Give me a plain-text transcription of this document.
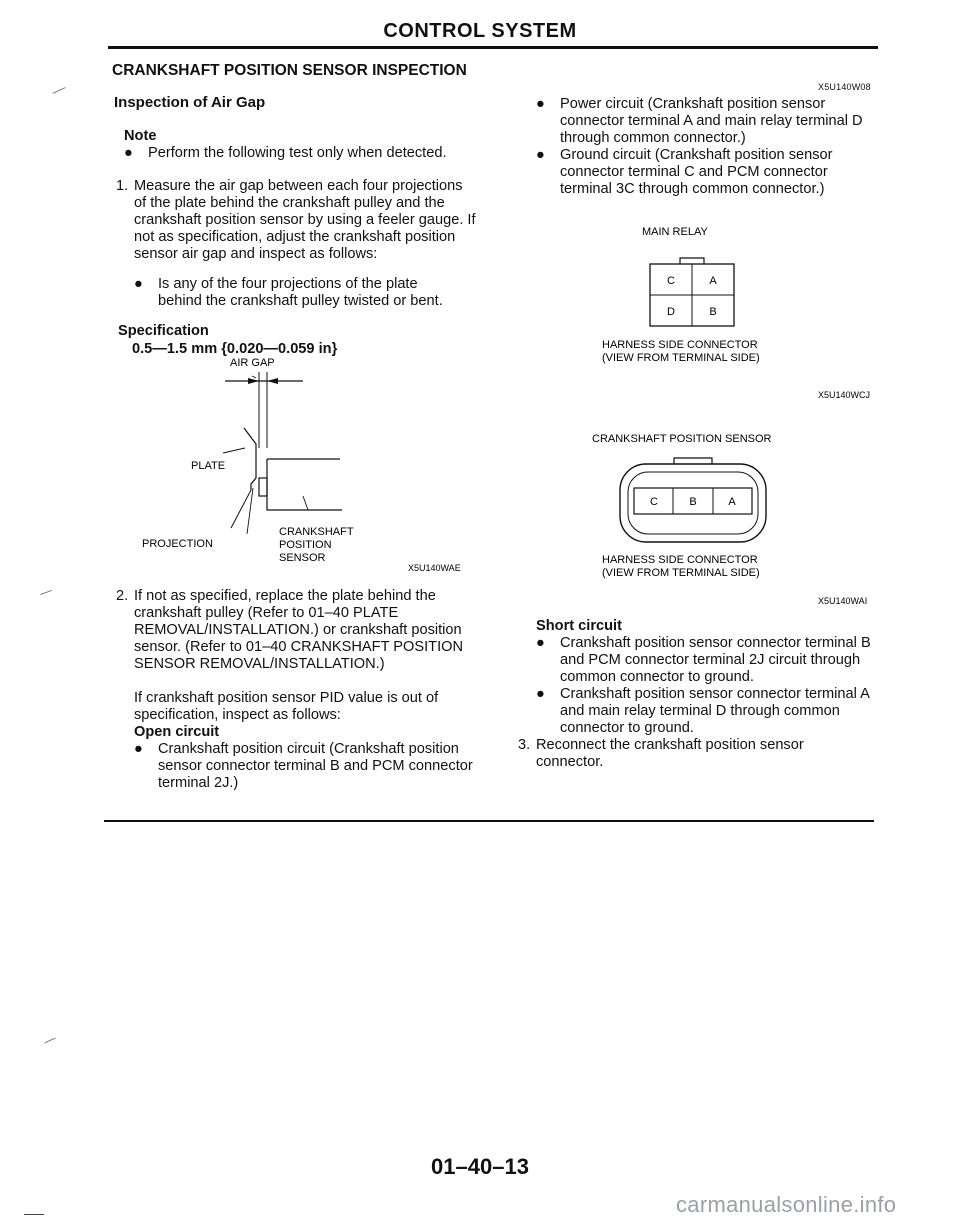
CONTROL SYSTEM
CRANKSHAFT POSITION SENSOR INSPECTION
Inspection of Air Gap
Note
●	Perform the following test only when detected.
1. Measure the air gap between each four projections of the plate behind the crankshaft pulley and the crankshaft position sensor by using a feeler gauge. If not as specification, adjust the crankshaft position sensor air gap and inspect as follows:
●	Is any of the four projections of the plate behind the crankshaft pulley twisted or bent.
Specification
0.5—1.5 mm {0.020—0.059 in}
AIR GAP
PLATE
PROJECTION
CRANKSHAFT
POSITION
SENSOR
X5U140WAE
2. If not as specified, replace the plate behind the crankshaft pulley (Refer to 01–40 PLATE REMOVAL/INSTALLATION.) or crankshaft position sensor. (Refer to 01–40 CRANKSHAFT POSITION SENSOR REMOVAL/INSTALLATION.)
If crankshaft position sensor PID value is out of specification, inspect as follows:
Open circuit
●	Crankshaft position circuit (Crankshaft position sensor connector terminal B and PCM connector terminal 2J.)
X5U140W08
●	Power circuit (Crankshaft position sensor connector terminal A and main relay terminal D through common connector.)
●	Ground circuit (Crankshaft position sensor connector terminal C and PCM connector terminal 3C through common connector.)
MAIN RELAY
C	A
D	B
HARNESS SIDE CONNECTOR
(VIEW FROM TERMINAL SIDE)
X5U140WCJ
CRANKSHAFT POSITION SENSOR
C	B	A
HARNESS SIDE CONNECTOR
(VIEW FROM TERMINAL SIDE)
X5U140WAI
Short circuit
●	Crankshaft position sensor connector terminal B and PCM connector terminal 2J circuit through common connector to ground.
●	Crankshaft position sensor connector terminal A and main relay terminal D through common connector to ground.
3. Reconnect the crankshaft position sensor connector.
01–40–13
carmanualsonline.info
